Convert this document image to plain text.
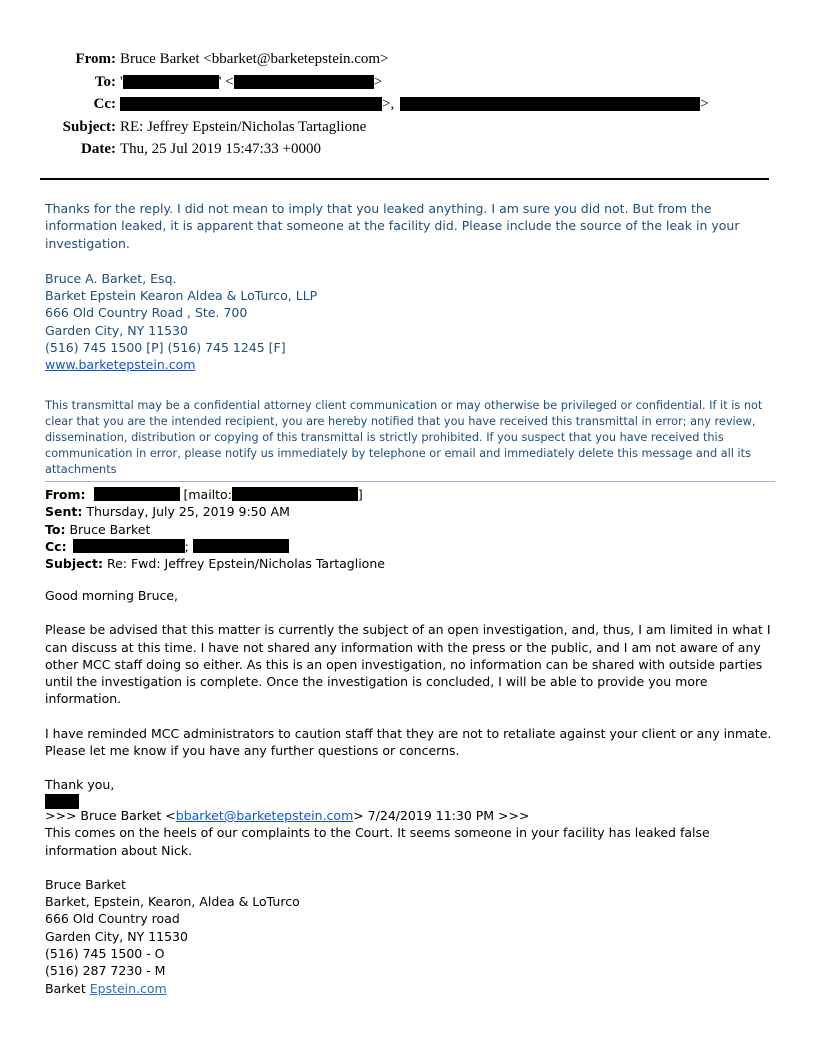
From: Bruce Barket <bbarket@barketepstein.com>
To: '	' <	>
Cc:	>,	>
Subject: RE: Jeffrey Epstein/Nicholas Tartaglione
Date: Thu, 25 Jul 2019 15:47:33 +0000

Thanks for the reply. I did not mean to imply that you leaked anything. I am sure you did not. But from the information leaked, it is apparent that someone at the facility did. Please include the source of the leak in your investigation.

Bruce A. Barket, Esq.

Barket Epstein Kearon Aldea & LoTurco, LLP

666 Old Country Road , Ste. 700

Garden City, NY 11530

(516) 745 1500 [P] (516) 745 1245 [F]

www.barketepstein.com

This transmittal may be a confidential attorney client communication or may otherwise be privileged or confidential. If it is not clear that you are the intended recipient, you are hereby notified that you have received this transmittal in error; any review, dissemination, distribution or copying of this transmittal is strictly prohibited. If you suspect that you have received this communication in error, please notify us immediately by telephone or email and immediately delete this message and all its attachments

From:	[mailto:	]

Sent: Thursday, July 25, 2019 9:50 AM

To: Bruce Barket

Cc:	;

Subject: Re: Fwd: Jeffrey Epstein/Nicholas Tartaglione

Good morning Bruce,

Please be advised that this matter is currently the subject of an open investigation, and, thus, I am limited in what I can discuss at this time. I have not shared any information with the press or the public, and I am not aware of any other MCC staff doing so either. As this is an open investigation, no information can be shared with outside parties until the investigation is complete. Once the investigation is concluded, I will be able to provide you more information.

I have reminded MCC administrators to caution staff that they are not to retaliate against your client or any inmate. Please let me know if you have any further questions or concerns.

Thank you,

>>> Bruce Barket <bbarket@barketepstein.com> 7/24/2019 11:30 PM >>>

This comes on the heels of our complaints to the Court. It seems someone in your facility has leaked false information about Nick.

Bruce Barket

Barket, Epstein, Kearon, Aldea & LoTurco

666 Old Country road

Garden City, NY 11530

(516) 745 1500 - O

(516) 287 7230 - M

Barket Epstein.com
